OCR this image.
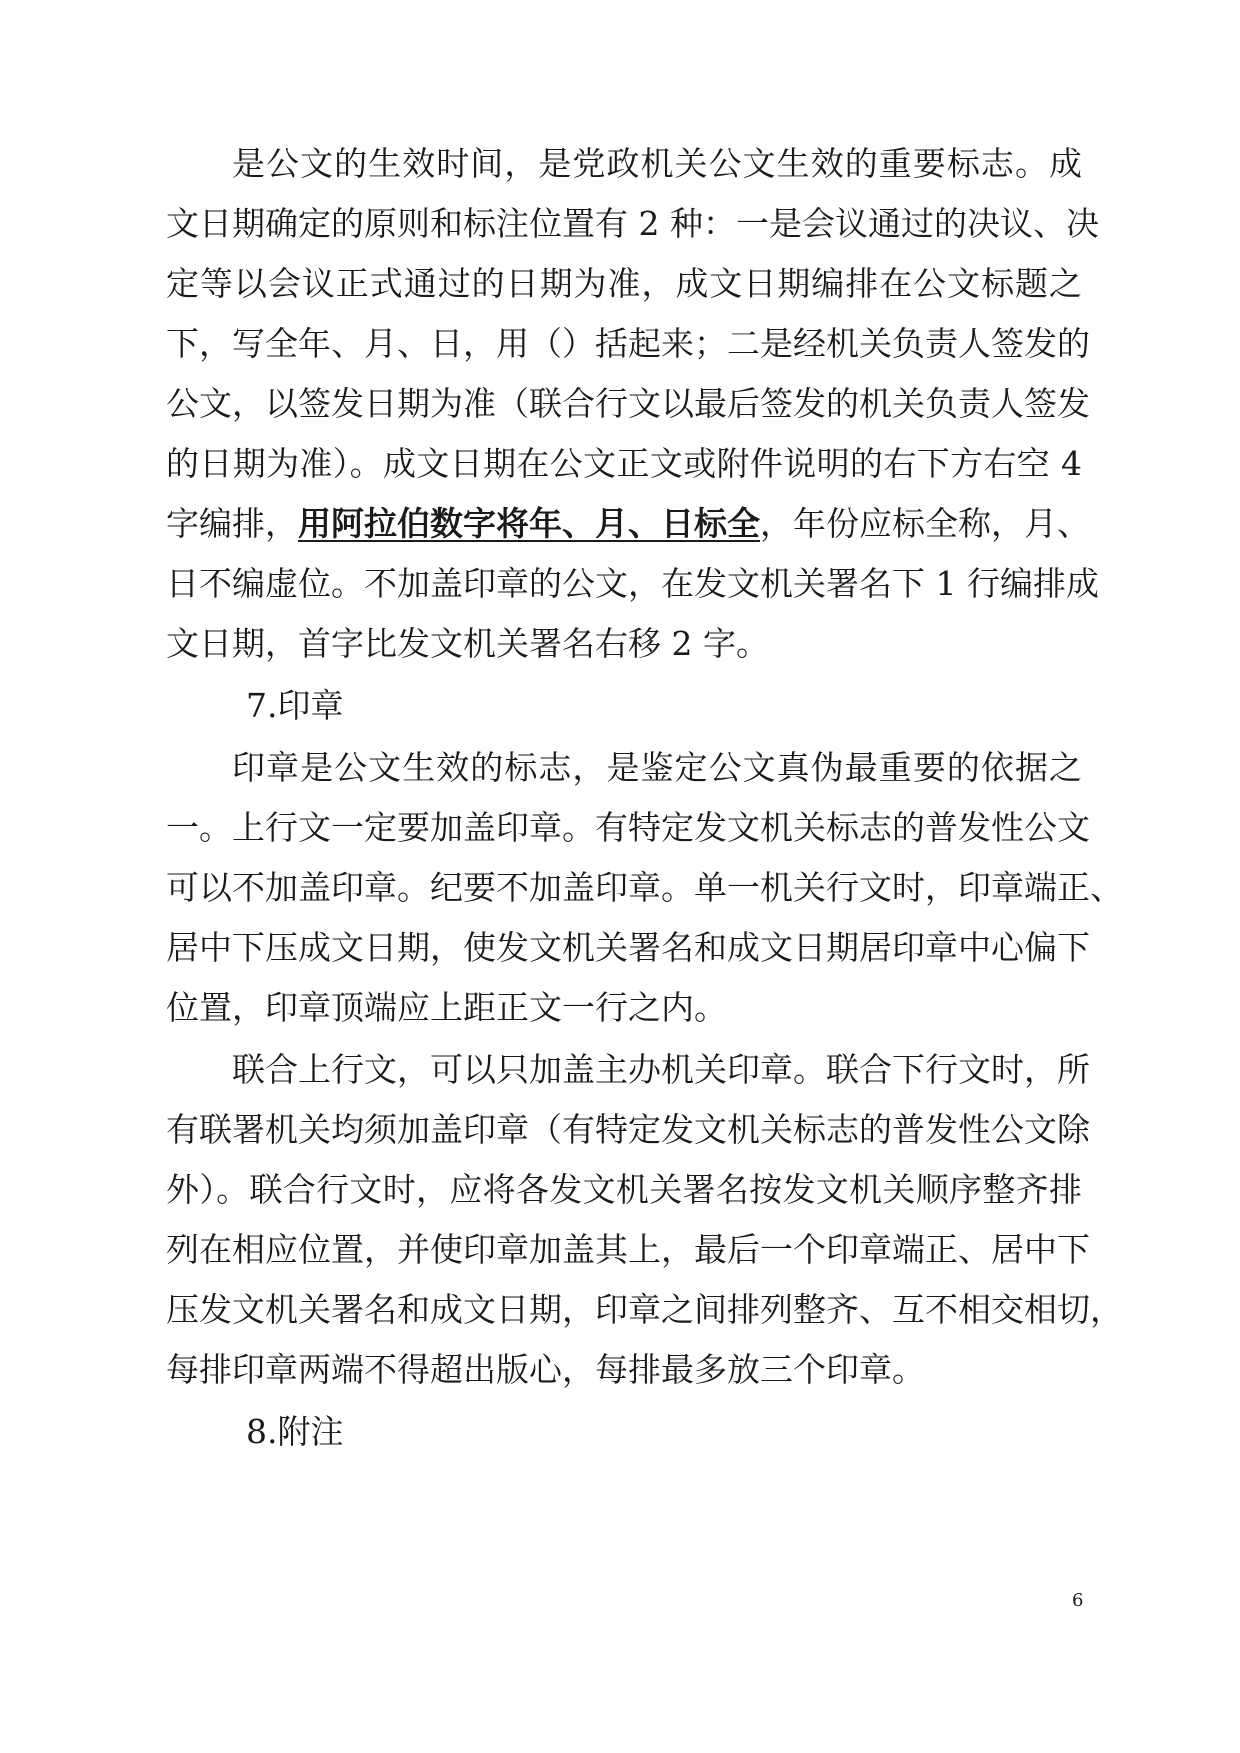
是公文的生效时间，是党政机关公文生效的重要标志。成
文日期确定的原则和标注位置有 2 种：一是会议通过的决议、决
定等以会议正式通过的日期为准，成文日期编排在公文标题之
下，写全年、月、日，用（）括起来；二是经机关负责人签发的
公文，以签发日期为准（联合行文以最后签发的机关负责人签发
的日期为准）。成文日期在公文正文或附件说明的右下方右空 4
字编排，用阿拉伯数字将年、月、日标全，年份应标全称，月、
日不编虚位。不加盖印章的公文，在发文机关署名下 1 行编排成
文日期，首字比发文机关署名右移 2 字。
7.印章
印章是公文生效的标志，是鉴定公文真伪最重要的依据之
一。上行文一定要加盖印章。有特定发文机关标志的普发性公文
可以不加盖印章。纪要不加盖印章。单一机关行文时，印章端正、
居中下压成文日期，使发文机关署名和成文日期居印章中心偏下
位置，印章顶端应上距正文一行之内。
联合上行文，可以只加盖主办机关印章。联合下行文时，所
有联署机关均须加盖印章（有特定发文机关标志的普发性公文除
外）。联合行文时，应将各发文机关署名按发文机关顺序整齐排
列在相应位置，并使印章加盖其上，最后一个印章端正、居中下
压发文机关署名和成文日期，印章之间排列整齐、互不相交相切，
每排印章两端不得超出版心，每排最多放三个印章。
8.附注
6
